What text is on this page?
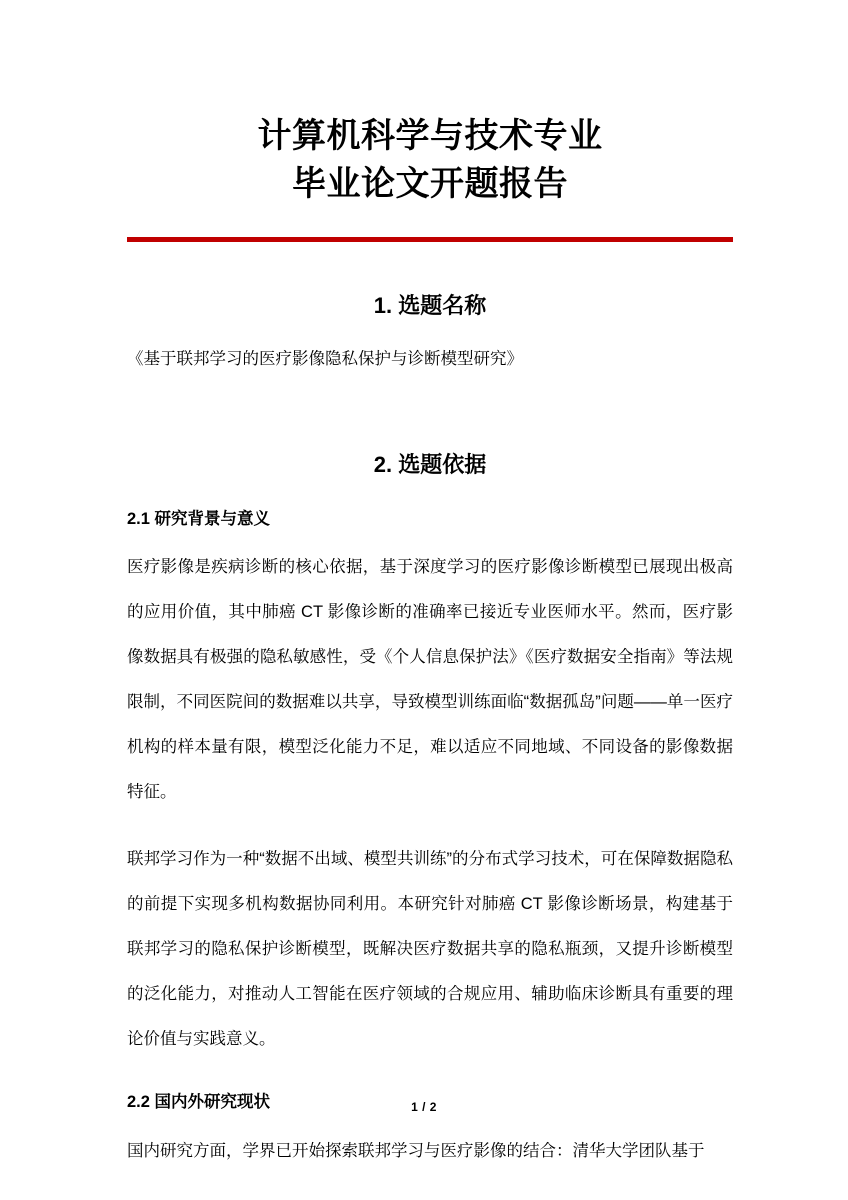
计算机科学与技术专业
毕业论文开题报告
1. 选题名称

《基于联邦学习的医疗影像隐私保护与诊断模型研究》

2. 选题依据
2.1 研究背景与意义

医疗影像是疾病诊断的核心依据，基于深度学习的医疗影像诊断模型已展现出极高的应用价值，其中肺癌 CT 影像诊断的准确率已接近专业医师水平。然而，医疗影像数据具有极强的隐私敏感性，受《个人信息保护法》《医疗数据安全指南》等法规限制，不同医院间的数据难以共享，导致模型训练面临“数据孤岛”问题——单一医疗机构的样本量有限，模型泛化能力不足，难以适应不同地域、不同设备的影像数据特征。

联邦学习作为一种“数据不出域、模型共训练”的分布式学习技术，可在保障数据隐私的前提下实现多机构数据协同利用。本研究针对肺癌 CT 影像诊断场景，构建基于联邦学习的隐私保护诊断模型，既解决医疗数据共享的隐私瓶颈，又提升诊断模型的泛化能力，对推动人工智能在医疗领域的合规应用、辅助临床诊断具有重要的理论价值与实践意义。

2.2 国内外研究现状

国内研究方面，学界已开始探索联邦学习与医疗影像的结合：清华大学团队基于

1 / 2
